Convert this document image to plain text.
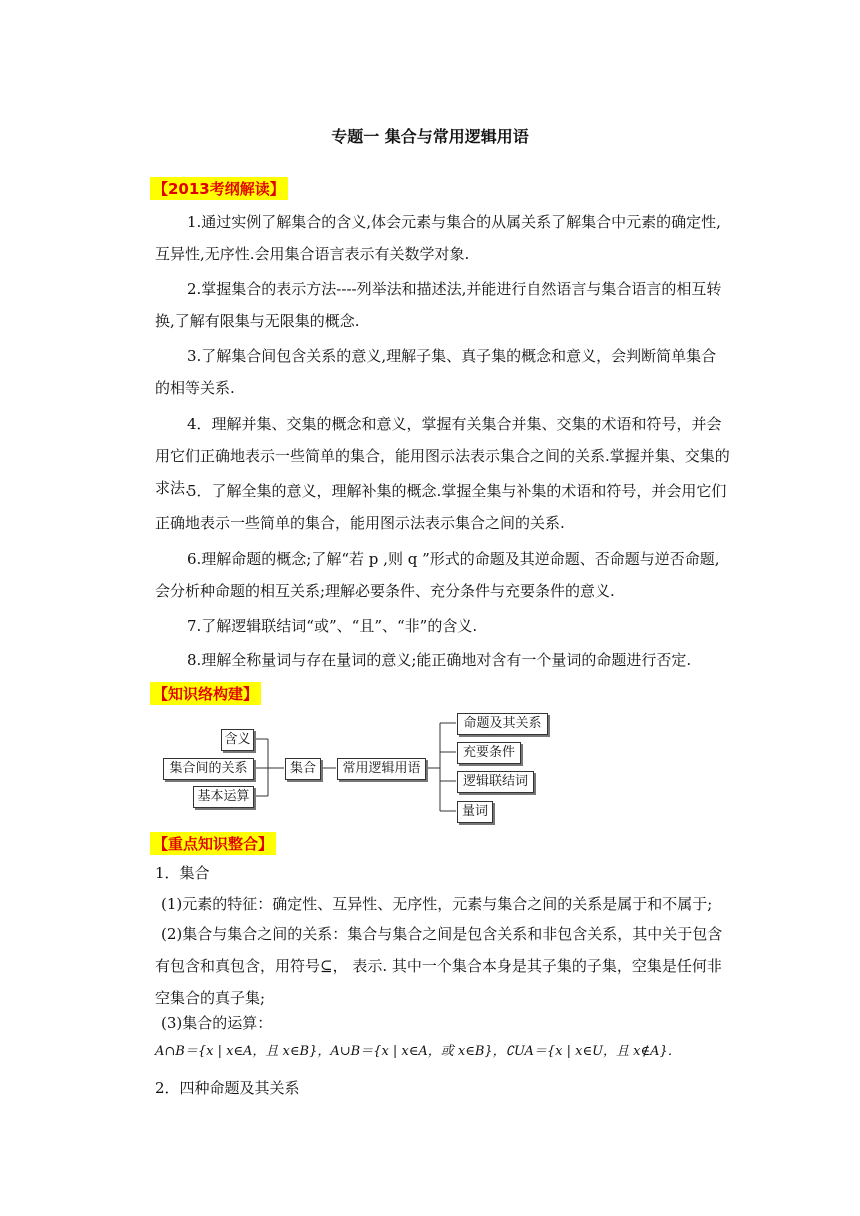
专题一 集合与常用逻辑用语
【2013考纲解读】
1.通过实例了解集合的含义,体会元素与集合的从属关系了解集合中元素的确定性,互异性,无序性.会用集合语言表示有关数学对象.
2.掌握集合的表示方法----列举法和描述法,并能进行自然语言与集合语言的相互转换,了解有限集与无限集的概念.
3.了解集合间包含关系的意义,理解子集、真子集的概念和意义，会判断简单集合的相等关系.
4．理解并集、交集的概念和意义，掌握有关集合并集、交集的术语和符号，并会用它们正确地表示一些简单的集合，能用图示法表示集合之间的关系.掌握并集、交集的求法.
5．了解全集的意义，理解补集的概念.掌握全集与补集的术语和符号，并会用它们正确地表示一些简单的集合，能用图示法表示集合之间的关系.
6.理解命题的概念;了解“若 p ,则 q ”形式的命题及其逆命题、否命题与逆否命题,会分析种命题的相互关系;理解必要条件、充分条件与充要条件的意义.
7.了解逻辑联结词“或”、“且”、“非”的含义.
8.理解全称量词与存在量词的意义;能正确地对含有一个量词的命题进行否定.
【知识络构建】
含义
集合间的关系
基本运算
集合	常用逻辑用语
命题及其关系
充要条件
逻辑联结词
量词
【重点知识整合】
1．集合
(1)元素的特征：确定性、互异性、无序性，元素与集合之间的关系是属于和不属于;
(2)集合与集合之间的关系：集合与集合之间是包含关系和非包含关系，其中关于包含有包含和真包含，用符号⊆， 表示. 其中一个集合本身是其子集的子集，空集是任何非空集合的真子集;
(3)集合的运算：
A∩B＝{x | x∈A，且 x∈B}，A∪B＝{x | x∈A，或 x∈B}，∁UA＝{x | x∈U，且 x∉A}．
2．四种命题及其关系
